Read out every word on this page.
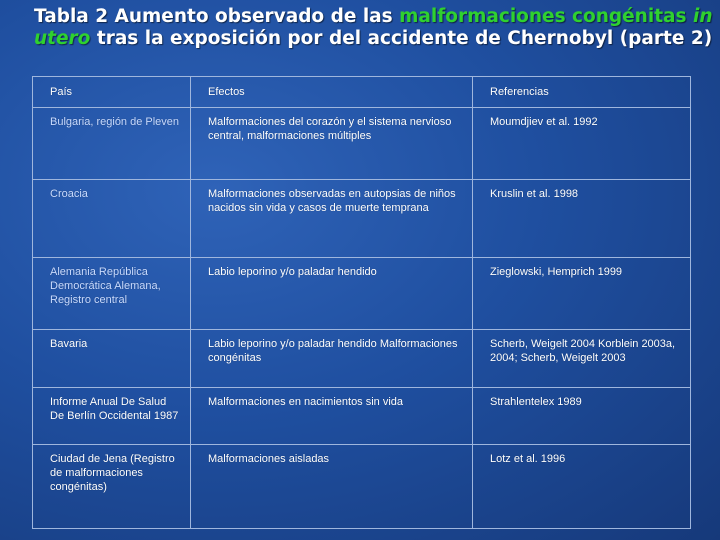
Tabla 2 Aumento observado de las malformaciones congénitas in utero tras la exposición por del accidente de Chernobyl (parte 2)
País	Efectos	Referencias
Bulgaria, región de Pleven	Malformaciones del corazón y el sistema nervioso central, malformaciones múltiples	Moumdjiev et al. 1992
Croacia	Malformaciones observadas en autopsias de niños nacidos sin vida y casos de muerte temprana	Kruslin et al. 1998
Alemania República Democrática Alemana, Registro central	Labio leporino y/o paladar hendido	Zieglowski, Hemprich 1999
Bavaria	Labio leporino y/o paladar hendido Malformaciones congénitas	Scherb, Weigelt 2004 Korblein 2003a, 2004; Scherb, Weigelt 2003
Informe Anual De Salud De Berlín Occidental 1987	Malformaciones en nacimientos sin vida	Strahlentelex 1989
Ciudad de Jena (Registro de malformaciones congénitas)	Malformaciones aisladas	Lotz et al. 1996
